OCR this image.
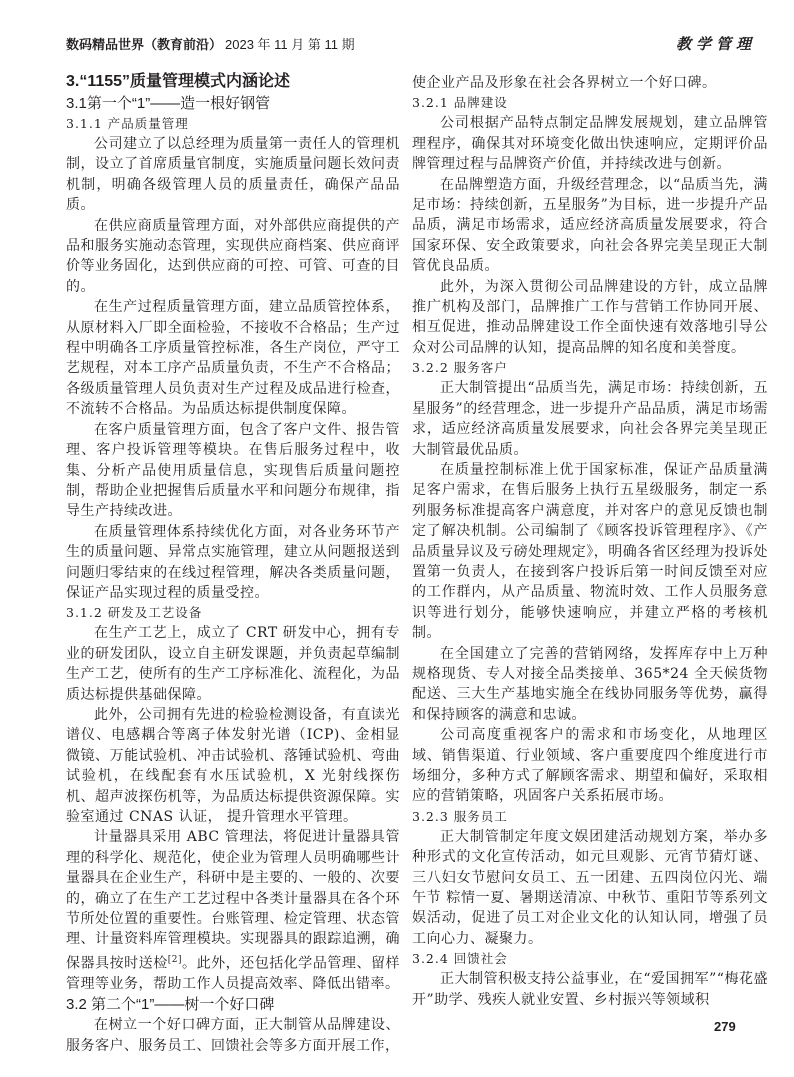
数码精品世界（教育前沿） 2023 年 11 月 第 11 期	教学管理
3.“1155”质量管理模式内涵论述
3.1第一个“1”——造一根好钢管
3.1.1 产品质量管理

公司建立了以总经理为质量第一责任人的管理机制，设立了首席质量官制度，实施质量问题长效问责机制，明确各级管理人员的质量责任，确保产品品质。

在供应商质量管理方面，对外部供应商提供的产品和服务实施动态管理，实现供应商档案、供应商评价等业务固化，达到供应商的可控、可管、可查的目的。

在生产过程质量管理方面，建立品质管控体系，从原材料入厂即全面检验，不接收不合格品；生产过程中明确各工序质量管控标准，各生产岗位，严守工艺规程，对本工序产品质量负责，不生产不合格品；各级质量管理人员负责对生产过程及成品进行检查，不流转不合格品。为品质达标提供制度保障。

在客户质量管理方面，包含了客户文件、报告管理、客户投诉管理等模块。在售后服务过程中，收集、分析产品使用质量信息，实现售后质量问题控制，帮助企业把握售后质量水平和问题分布规律，指导生产持续改进。

在质量管理体系持续优化方面，对各业务环节产生的质量问题、异常点实施管理，建立从问题报送到问题归零结束的在线过程管理，解决各类质量问题，保证产品实现过程的质量受控。

3.1.2 研发及工艺设备

在生产工艺上，成立了 CRT 研发中心，拥有专业的研发团队，设立自主研发课题，并负责起草编制生产工艺，使所有的生产工序标准化、流程化，为品质达标提供基础保障。

此外，公司拥有先进的检验检测设备，有直读光谱仪、电感耦合等离子体发射光谱（ICP)、金相显微镜、万能试验机、冲击试验机、落锤试验机、弯曲试验机，在线配套有水压试验机，X 光射线探伤机、超声波探伤机等，为品质达标提供资源保障。实验室通过 CNAS 认证， 提升管理水平管理。

计量器具采用 ABC 管理法，将促进计量器具管理的科学化、规范化，使企业为管理人员明确哪些计量器具在企业生产，科研中是主要的、一般的、次要的，确立了在生产工艺过程中各类计量器具在各个环节所处位置的重要性。台账管理、检定管理、状态管理、计量资料库管理模块。实现器具的跟踪追溯，确保器具按时送检[2]。此外，还包括化学品管理、留样管理等业务，帮助工作人员提高效率、降低出错率。

3.2 第二个“1”——树一个好口碑

在树立一个好口碑方面，正大制管从品牌建设、服务客户、服务员工、回馈社会等多方面开展工作，

使企业产品及形象在社会各界树立一个好口碑。

3.2.1 品牌建设

公司根据产品特点制定品牌发展规划，建立品牌管理程序，确保其对环境变化做出快速响应，定期评价品牌管理过程与品牌资产价值，并持续改进与创新。

在品牌塑造方面，升级经营理念，以“品质当先，满足市场：持续创新，五星服务”为目标，进一步提升产品品质，满足市场需求，适应经济高质量发展要求，符合国家环保、安全政策要求，向社会各界完美呈现正大制管优良品质。

此外，为深入贯彻公司品牌建设的方针，成立品牌推广机构及部门，品牌推广工作与营销工作协同开展、相互促进，推动品牌建设工作全面快速有效落地引导公众对公司品牌的认知，提高品牌的知名度和美誉度。

3.2.2 服务客户

正大制管提出“品质当先，满足市场：持续创新，五星服务”的经营理念，进一步提升产品品质，满足市场需求，适应经济高质量发展要求，向社会各界完美呈现正大制管最优品质。

在质量控制标准上优于国家标准，保证产品质量满足客户需求，在售后服务上执行五星级服务，制定一系列服务标准提高客户满意度，并对客户的意见反馈也制定了解决机制。公司编制了《顾客投诉管理程序》、《产品质量异议及亏磅处理规定》，明确各省区经理为投诉处置第一负责人，在接到客户投诉后第一时间反馈至对应的工作群内，从产品质量、物流时效、工作人员服务意识等进行划分，能够快速响应，并建立严格的考核机制。

在全国建立了完善的营销网络，发挥库存中上万种规格现货、专人对接全品类接单、365*24 全天候货物配送、三大生产基地实施全在线协同服务等优势，赢得和保持顾客的满意和忠诚。

公司高度重视客户的需求和市场变化，从地理区域、销售渠道、行业领域、客户重要度四个维度进行市场细分，多种方式了解顾客需求、期望和偏好，采取相应的营销策略，巩固客户关系拓展市场。

3.2.3 服务员工

正大制管制定年度文娱团建活动规划方案，举办多种形式的文化宣传活动，如元旦观影、元宵节猜灯谜、三八妇女节慰问女员工、五一团建、五四岗位闪光、端午节 粽情一夏、暑期送清凉、中秋节、重阳节等系列文娱活动，促进了员工对企业文化的认知认同，增强了员工向心力、凝聚力。

3.2.4 回馈社会

正大制管积极支持公益事业，在“爱国拥军”“梅花盛开”助学、残疾人就业安置、乡村振兴等领域积

279
